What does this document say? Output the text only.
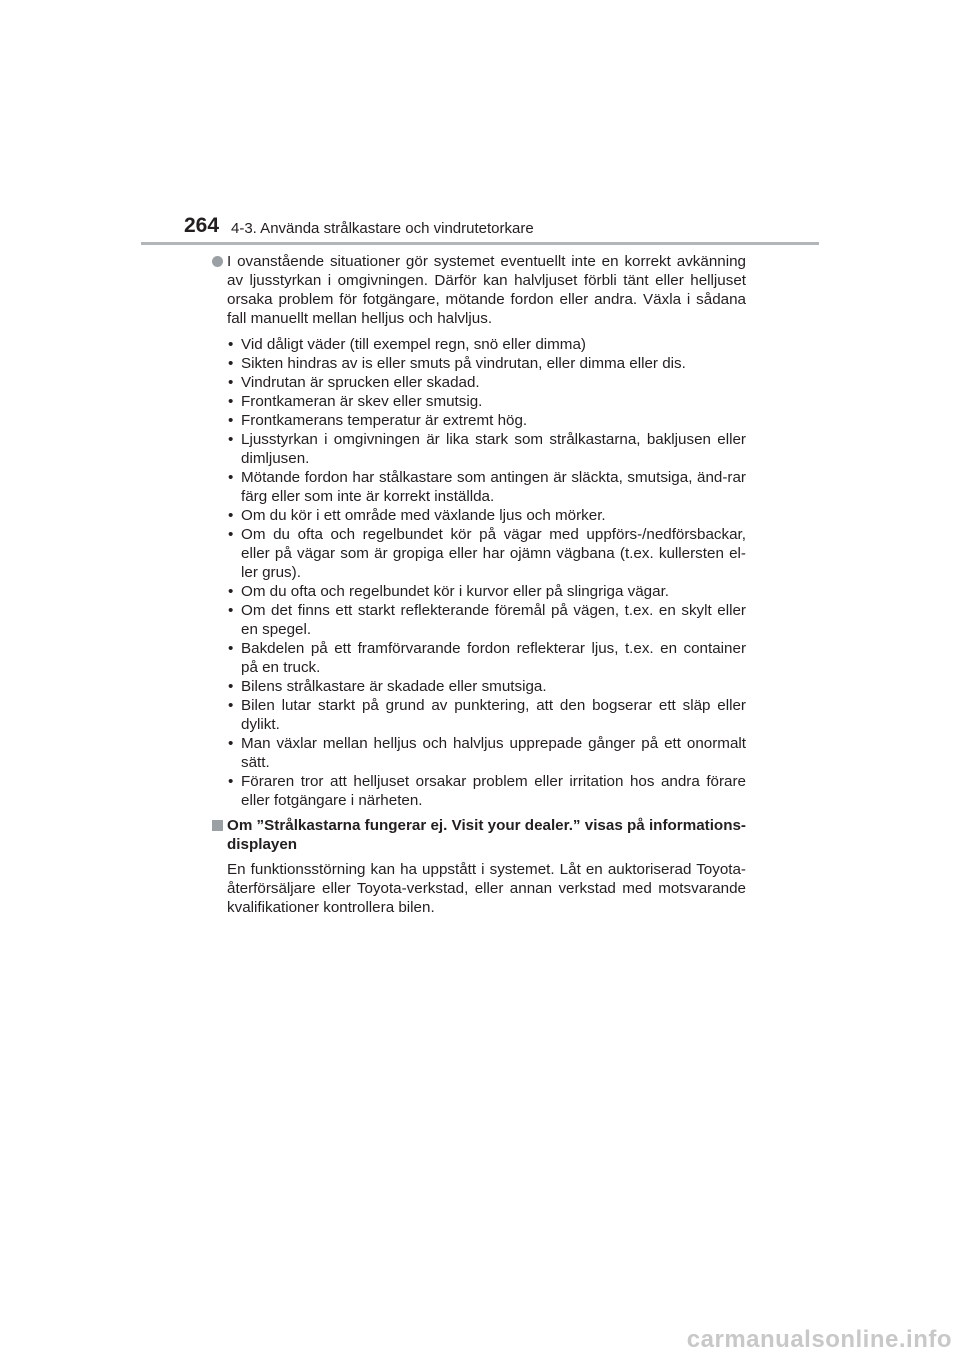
264 4-3. Använda strålkastare och vindrutetorkare
I ovanstående situationer gör systemet eventuellt inte en korrekt avkänning av ljusstyrkan i omgivningen. Därför kan halvljuset förbli tänt eller helljuset orsaka problem för fotgängare, mötande fordon eller andra. Växla i sådana fall manuellt mellan helljus och halvljus.
• Vid dåligt väder (till exempel regn, snö eller dimma)
• Sikten hindras av is eller smuts på vindrutan, eller dimma eller dis.
• Vindrutan är sprucken eller skadad.
• Frontkameran är skev eller smutsig.
• Frontkamerans temperatur är extremt hög.
• Ljusstyrkan i omgivningen är lika stark som strålkastarna, bakljusen eller dimljusen.
• Mötande fordon har stålkastare som antingen är släckta, smutsiga, änd-rar färg eller som inte är korrekt inställda.
• Om du kör i ett område med växlande ljus och mörker.
• Om du ofta och regelbundet kör på vägar med uppförs-/nedförsbackar, eller på vägar som är gropiga eller har ojämn vägbana (t.ex. kullersten el-ler grus).
• Om du ofta och regelbundet kör i kurvor eller på slingriga vägar.
• Om det finns ett starkt reflekterande föremål på vägen, t.ex. en skylt eller en spegel.
• Bakdelen på ett framförvarande fordon reflekterar ljus, t.ex. en container på en truck.
• Bilens strålkastare är skadade eller smutsiga.
• Bilen lutar starkt på grund av punktering, att den bogserar ett släp eller dylikt.
• Man växlar mellan helljus och halvljus upprepade gånger på ett onormalt sätt.
• Föraren tror att helljuset orsakar problem eller irritation hos andra förare eller fotgängare i närheten.
Om ”Strålkastarna fungerar ej. Visit your dealer.” visas på informations-displayen
En funktionsstörning kan ha uppstått i systemet. Låt en auktoriserad Toyota-återförsäljare eller Toyota-verkstad, eller annan verkstad med motsvarande kvalifikationer kontrollera bilen.
carmanualsonline.info
